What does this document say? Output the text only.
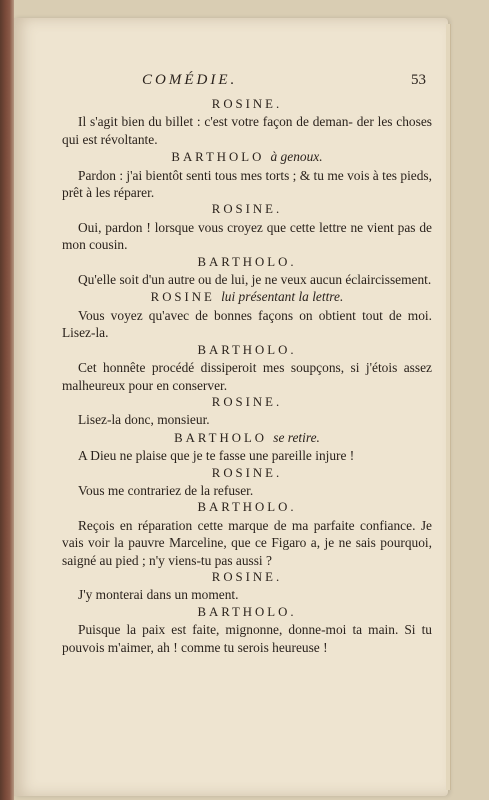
COMÉDIE.	53
ROSINE.

Il s'agit bien du billet : c'est votre façon de deman- der les choses qui est révoltante.

BARTHOLO à genoux.

Pardon : j'ai bientôt senti tous mes torts ; & tu me vois à tes pieds, prêt à les réparer.

ROSINE.

Oui, pardon ! lorsque vous croyez que cette lettre ne vient pas de mon cousin.

BARTHOLO.

Qu'elle soit d'un autre ou de lui, je ne veux aucun éclaircissement.

ROSINE lui présentant la lettre.

Vous voyez qu'avec de bonnes façons on obtient tout de moi. Lisez-la.

BARTHOLO.

Cet honnête procédé dissiperoit mes soupçons, si j'étois assez malheureux pour en conserver.

ROSINE.

Lisez-la donc, monsieur.

BARTHOLO se retire.

A Dieu ne plaise que je te fasse une pareille injure !

ROSINE.

Vous me contrariez de la refuser.

BARTHOLO.

Reçois en réparation cette marque de ma parfaite confiance. Je vais voir la pauvre Marceline, que ce Figaro a, je ne sais pourquoi, saigné au pied ; n'y viens-tu pas aussi ?

ROSINE.

J'y monterai dans un moment.

BARTHOLO.

Puisque la paix est faite, mignonne, donne-moi ta main. Si tu pouvois m'aimer, ah ! comme tu serois heureuse !
